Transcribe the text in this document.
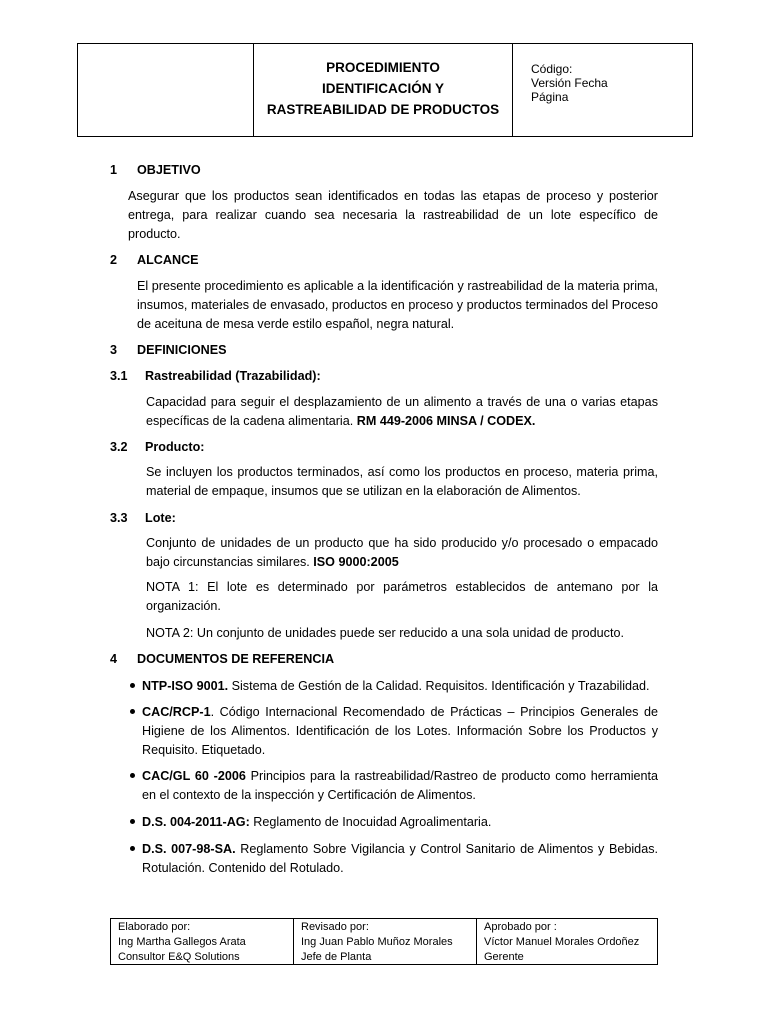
PROCEDIMIENTO
IDENTIFICACIÓN Y
RASTREABILIDAD DE PRODUCTOS
Código:
Versión Fecha
Página
1 OBJETIVO
Asegurar que los productos sean identificados en todas las etapas de proceso y posterior entrega, para realizar cuando sea necesaria la rastreabilidad de un lote específico de producto.
2 ALCANCE
El presente procedimiento es aplicable a la identificación y rastreabilidad de la materia prima, insumos, materiales de envasado, productos en proceso y productos terminados del Proceso de aceituna de mesa verde estilo español, negra natural.
3 DEFINICIONES
3.1 Rastreabilidad (Trazabilidad):
Capacidad para seguir el desplazamiento de un alimento a través de una o varias etapas específicas de la cadena alimentaria. RM 449-2006 MINSA / CODEX.
3.2 Producto:
Se incluyen los productos terminados, así como los productos en proceso, materia prima, material de empaque, insumos que se utilizan en la elaboración de Alimentos.
3.3 Lote:
Conjunto de unidades de un producto que ha sido producido y/o procesado o empacado bajo circunstancias similares. ISO 9000:2005
NOTA 1: El lote es determinado por parámetros establecidos de antemano por la organización.
NOTA 2: Un conjunto de unidades puede ser reducido a una sola unidad de producto.
4 DOCUMENTOS DE REFERENCIA
NTP-ISO 9001. Sistema de Gestión de la Calidad. Requisitos. Identificación y Trazabilidad.
CAC/RCP-1. Código Internacional Recomendado de Prácticas – Principios Generales de Higiene de los Alimentos. Identificación de los Lotes. Información Sobre los Productos y Requisito. Etiquetado.
CAC/GL 60 -2006 Principios para la rastreabilidad/Rastreo de producto como herramienta en el contexto de la inspección y Certificación de Alimentos.
D.S. 004-2011-AG: Reglamento de Inocuidad Agroalimentaria.
D.S. 007-98-SA. Reglamento Sobre Vigilancia y Control Sanitario de Alimentos y Bebidas. Rotulación. Contenido del Rotulado.
Elaborado por:
Ing Martha Gallegos Arata
Consultor E&Q Solutions
Revisado por:
Ing Juan Pablo Muñoz Morales
Jefe de Planta
Aprobado por :
Víctor Manuel Morales Ordoñez
Gerente
